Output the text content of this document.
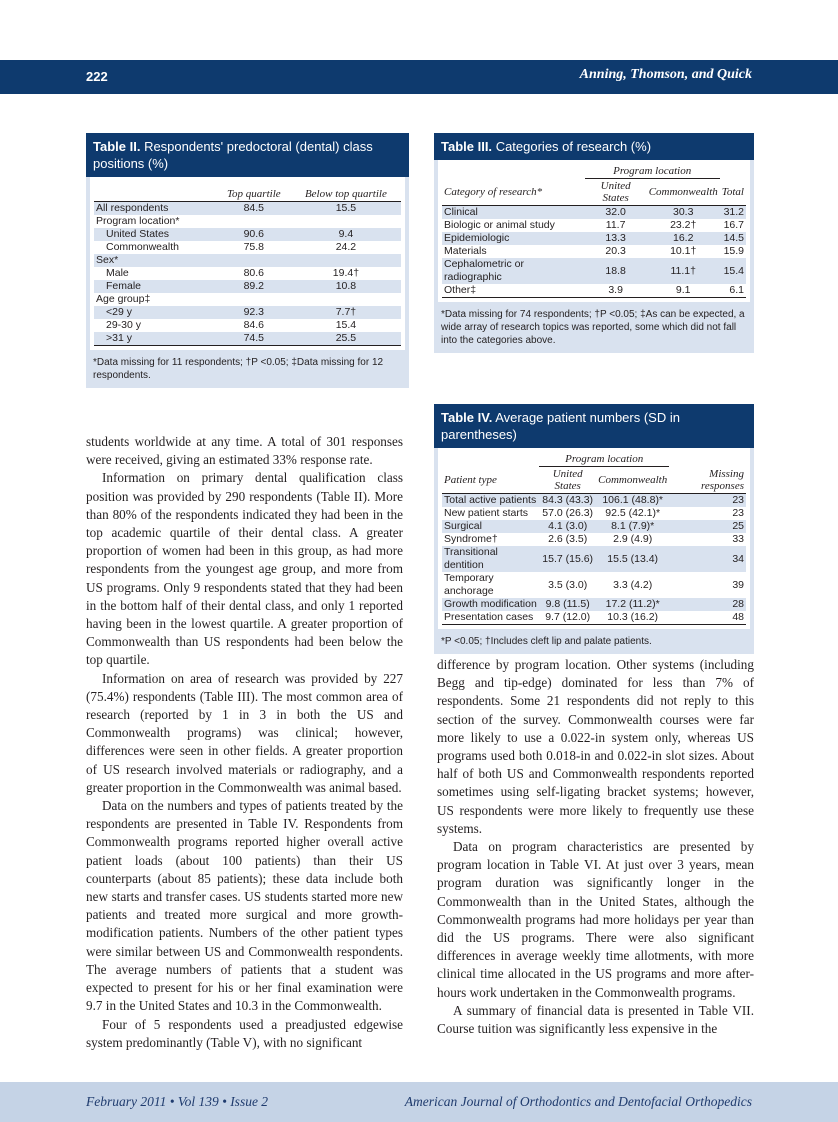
222	Anning, Thomson, and Quick
Table II. Respondents' predoctoral (dental) class positions (%)
	Top quartile	Below top quartile
All respondents	84.5	15.5
Program location*		
United States	90.6	9.4
Commonwealth	75.8	24.2
Sex*		
Male	80.6	19.4†
Female	89.2	10.8
Age group‡		
<29 y	92.3	7.7†
29-30 y	84.6	15.4
>31 y	74.5	25.5
*Data missing for 11 respondents; †P <0.05; ‡Data missing for 12 respondents.
Table III. Categories of research (%)
	Program location		
Category of research*	United States	Commonwealth	Total
Clinical	32.0	30.3	31.2
Biologic or animal study	11.7	23.2†	16.7
Epidemiologic	13.3	16.2	14.5
Materials	20.3	10.1†	15.9
Cephalometric or radiographic	18.8	11.1†	15.4
Other‡	3.9	9.1	6.1
*Data missing for 74 respondents; †P <0.05; ‡As can be expected, a wide array of research topics was reported, some which did not fall into the categories above.
Table IV. Average patient numbers (SD in parentheses)
	Program location		
Patient type	United States	Commonwealth	Missing responses
Total active patients	84.3 (43.3)	106.1 (48.8)*	23
New patient starts	57.0 (26.3)	92.5 (42.1)*	23
Surgical	4.1 (3.0)	8.1 (7.9)*	25
Syndrome†	2.6 (3.5)	2.9 (4.9)	33
Transitional dentition	15.7 (15.6)	15.5 (13.4)	34
Temporary anchorage	3.5 (3.0)	3.3 (4.2)	39
Growth modification	9.8 (11.5)	17.2 (11.2)*	28
Presentation cases	9.7 (12.0)	10.3 (16.2)	48
*P <0.05; †Includes cleft lip and palate patients.

students worldwide at any time. A total of 301 responses were received, giving an estimated 33% response rate.

Information on primary dental qualification class position was provided by 290 respondents (Table II). More than 80% of the respondents indicated they had been in the top academic quartile of their dental class. A greater proportion of women had been in this group, as had more respondents from the youngest age group, and more from US programs. Only 9 respondents stated that they had been in the bottom half of their dental class, and only 1 reported having been in the lowest quartile. A greater proportion of Commonwealth than US respondents had been below the top quartile.

Information on area of research was provided by 227 (75.4%) respondents (Table III). The most common area of research (reported by 1 in 3 in both the US and Commonwealth programs) was clinical; however, differences were seen in other fields. A greater proportion of US research involved materials or radiography, and a greater proportion in the Commonwealth was animal based.

Data on the numbers and types of patients treated by the respondents are presented in Table IV. Respondents from Commonwealth programs reported higher overall active patient loads (about 100 patients) than their US counterparts (about 85 patients); these data include both new starts and transfer cases. US students started more new patients and treated more surgical and more growth-modification patients. Numbers of the other patient types were similar between US and Commonwealth respondents. The average numbers of patients that a student was expected to present for his or her final examination were 9.7 in the United States and 10.3 in the Commonwealth.

Four of 5 respondents used a preadjusted edgewise system predominantly (Table V), with no significant

difference by program location. Other systems (including Begg and tip-edge) dominated for less than 7% of respondents. Some 21 respondents did not reply to this section of the survey. Commonwealth courses were far more likely to use a 0.022-in system only, whereas US programs used both 0.018-in and 0.022-in slot sizes. About half of both US and Commonwealth respondents reported sometimes using self-ligating bracket systems; however, US respondents were more likely to frequently use these systems.

Data on program characteristics are presented by program location in Table VI. At just over 3 years, mean program duration was significantly longer in the Commonwealth than in the United States, although the Commonwealth programs had more holidays per year than did the US programs. There were also significant differences in average weekly time allotments, with more clinical time allocated in the US programs and more after-hours work undertaken in the Commonwealth programs.

A summary of financial data is presented in Table VII. Course tuition was significantly less expensive in the

February 2011 • Vol 139 • Issue 2	American Journal of Orthodontics and Dentofacial Orthopedics
